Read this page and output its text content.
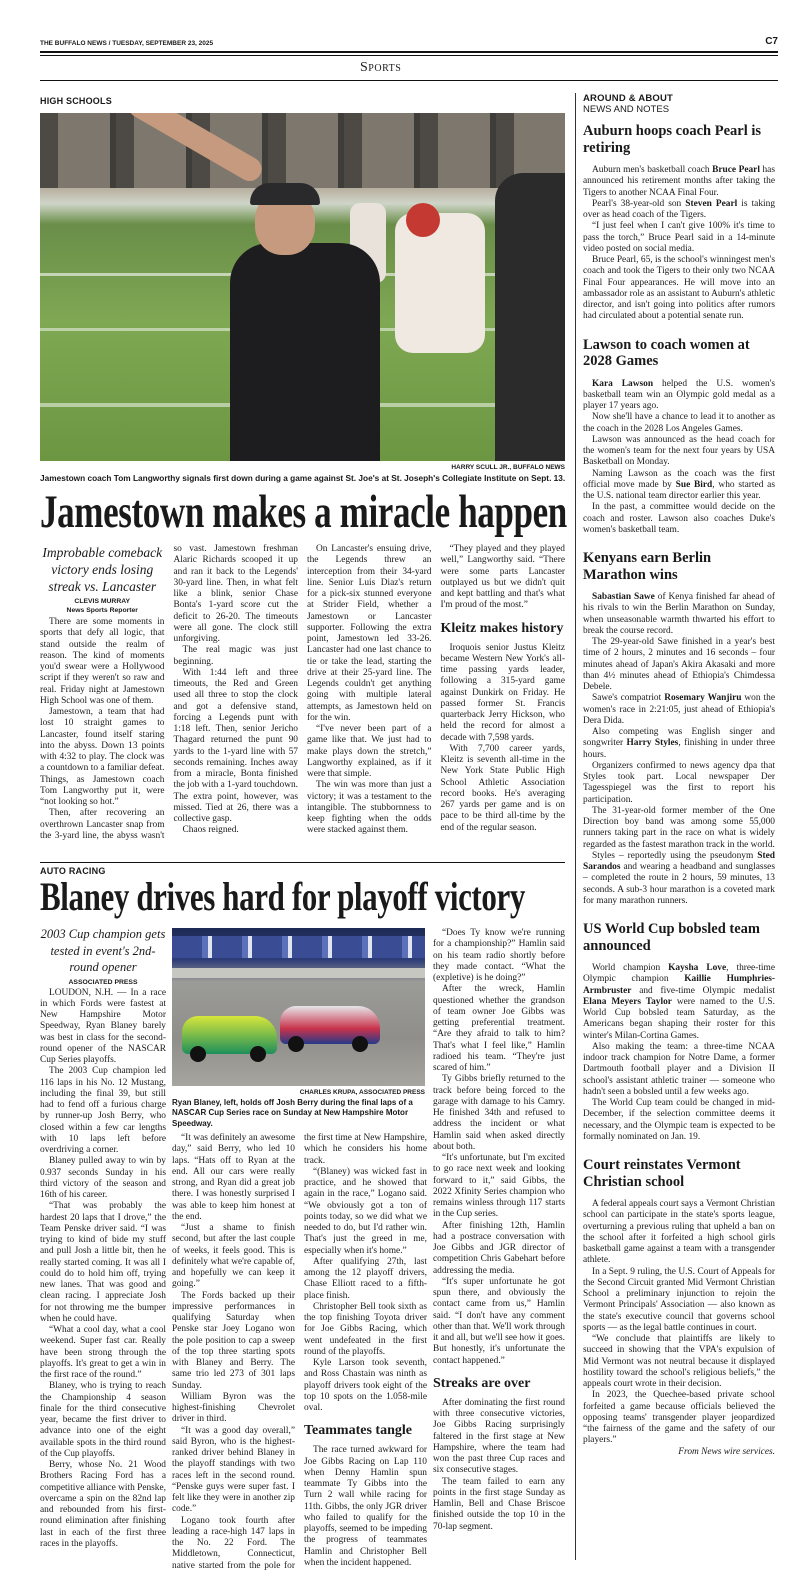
THE BUFFALO NEWS / TUESDAY, SEPTEMBER 23, 2025	C7
Sports
HIGH SCHOOLS
HARRY SCULL JR., BUFFALO NEWS
Jamestown coach Tom Langworthy signals first down during a game against St. Joe's at St. Joseph's Collegiate Institute on Sept. 13.
Jamestown makes a miracle happen
Improbable comeback victory ends losing streak vs. Lancaster
CLEVIS MURRAY
News Sports Reporter

There are some moments in sports that defy all logic, that stand outside the realm of reason. The kind of moments you'd swear were a Hollywood script if they weren't so raw and real. Friday night at Jamestown High School was one of them.

Jamestown, a team that had lost 10 straight games to Lancaster, found itself staring into the abyss. Down 13 points with 4:32 to play. The clock was a countdown to a familiar defeat. Things, as Jamestown coach Tom Langworthy put it, were “not looking so hot.”

Then, after recovering an overthrown Lancaster snap from the 3-yard line, the abyss wasn't so vast. Jamestown freshman Alaric Richards scooped it up and ran it back to the Legends' 30-yard line. Then, in what felt like a blink, senior Chase Bonta's 1-yard score cut the deficit to 26-20. The timeouts were all gone. The clock still unforgiving.

The real magic was just beginning.

With 1:44 left and three timeouts, the Red and Green used all three to stop the clock and got a defensive stand, forcing a Legends punt with 1:18 left. Then, senior Jericho Thagard returned the punt 90 yards to the 1-yard line with 57 seconds remaining. Inches away from a miracle, Bonta finished the job with a 1-yard touchdown. The extra point, however, was missed. Tied at 26, there was a collective gasp.

Chaos reigned.

On Lancaster's ensuing drive, the Legends threw an interception from their 34-yard line. Senior Luis Diaz's return for a pick-six stunned everyone at Strider Field, whether a Jamestown or Lancaster supporter. Following the extra point, Jamestown led 33-26. Lancaster had one last chance to tie or take the lead, starting the drive at their 25-yard line. The Legends couldn't get anything going with multiple lateral attempts, as Jamestown held on for the win.

“I've never been part of a game like that. We just had to make plays down the stretch,” Langworthy explained, as if it were that simple.

The win was more than just a victory; it was a testament to the intangible. The stubbornness to keep fighting when the odds were stacked against them.

“They played and they played well,” Langworthy said. “There were some parts Lancaster outplayed us but we didn't quit and kept battling and that's what I'm proud of the most.”

Kleitz makes history

Iroquois senior Justus Kleitz became Western New York's all-time passing yards leader, following a 315-yard game against Dunkirk on Friday. He passed former St. Francis quarterback Jerry Hickson, who held the record for almost a decade with 7,598 yards.

With 7,700 career yards, Kleitz is seventh all-time in the New York State Public High School Athletic Association record books. He's averaging 267 yards per game and is on pace to be third all-time by the end of the regular season.

AUTO RACING
Blaney drives hard for playoff victory
2003 Cup champion gets tested in event's 2nd-round opener
ASSOCIATED PRESS

LOUDON, N.H. — In a race in which Fords were fastest at New Hampshire Motor Speedway, Ryan Blaney barely was best in class for the second-round opener of the NASCAR Cup Series playoffs.

The 2003 Cup champion led 116 laps in his No. 12 Mustang, including the final 39, but still had to fend off a furious charge by runner-up Josh Berry, who closed within a few car lengths with 10 laps left before overdriving a corner.

Blaney pulled away to win by 0.937 seconds Sunday in his third victory of the season and 16th of his career.

“That was probably the hardest 20 laps that I drove,” the Team Penske driver said. “I was trying to kind of bide my stuff and pull Josh a little bit, then he really started coming. It was all I could do to hold him off, trying new lanes. That was good and clean racing. I appreciate Josh for not throwing me the bumper when he could have.

“What a cool day, what a cool weekend. Super fast car. Really have been strong through the playoffs. It's great to get a win in the first race of the round.”

Blaney, who is trying to reach the Championship 4 season finale for the third consecutive year, became the first driver to advance into one of the eight available spots in the third round of the Cup playoffs.

Berry, whose No. 21 Wood Brothers Racing Ford has a competitive alliance with Penske, overcame a spin on the 82nd lap and rebounded from his first-round elimination after finishing last in each of the first three races in the playoffs.

CHARLES KRUPA, ASSOCIATED PRESS
Ryan Blaney, left, holds off Josh Berry during the final laps of a NASCAR Cup Series race on Sunday at New Hampshire Motor Speedway.

“It was definitely an awesome day,” said Berry, who led 10 laps. “Hats off to Ryan at the end. All our cars were really strong, and Ryan did a great job there. I was honestly surprised I was able to keep him honest at the end.

“Just a shame to finish second, but after the last couple of weeks, it feels good. This is definitely what we're capable of, and hopefully we can keep it going.”

The Fords backed up their impressive performances in qualifying Saturday when Penske star Joey Logano won the pole position to cap a sweep of the top three starting spots with Blaney and Berry. The same trio led 273 of 301 laps Sunday.

William Byron was the highest-finishing Chevrolet driver in third.

“It was a good day overall,” said Byron, who is the highest-ranked driver behind Blaney in the playoff standings with two races left in the second round. “Penske guys were super fast. I felt like they were in another zip code.”

Logano took fourth after leading a race-high 147 laps in the No. 22 Ford. The Middletown, Connecticut, native started from the pole for the first time at New Hampshire, which he considers his home track.

“(Blaney) was wicked fast in practice, and he showed that again in the race,” Logano said. “We obviously got a ton of points today, so we did what we needed to do, but I'd rather win. That's just the greed in me, especially when it's home.”

After qualifying 27th, last among the 12 playoff drivers, Chase Elliott raced to a fifth-place finish.

Christopher Bell took sixth as the top finishing Toyota driver for Joe Gibbs Racing, which went undefeated in the first round of the playoffs.

Kyle Larson took seventh, and Ross Chastain was ninth as playoff drivers took eight of the top 10 spots on the 1.058-mile oval.

Teammates tangle

The race turned awkward for Joe Gibbs Racing on Lap 110 when Denny Hamlin spun teammate Ty Gibbs into the Turn 2 wall while racing for 11th. Gibbs, the only JGR driver who failed to qualify for the playoffs, seemed to be impeding the progress of teammates Hamlin and Christopher Bell when the incident happened.

“Does Ty know we're running for a championship?” Hamlin said on his team radio shortly before they made contact. “What the (expletive) is he doing?”

After the wreck, Hamlin questioned whether the grandson of team owner Joe Gibbs was getting preferential treatment. “Are they afraid to talk to him? That's what I feel like,” Hamlin radioed his team. “They're just scared of him.”

Ty Gibbs briefly returned to the track before being forced to the garage with damage to his Camry. He finished 34th and refused to address the incident or what Hamlin said when asked directly about both.

“It's unfortunate, but I'm excited to go race next week and looking forward to it,” said Gibbs, the 2022 Xfinity Series champion who remains winless through 117 starts in the Cup series.

After finishing 12th, Hamlin had a postrace conversation with Joe Gibbs and JGR director of competition Chris Gabehart before addressing the media.

“It's super unfortunate he got spun there, and obviously the contact came from us,” Hamlin said. “I don't have any comment other than that. We'll work through it and all, but we'll see how it goes. But honestly, it's unfortunate the contact happened.”

Streaks are over

After dominating the first round with three consecutive victories, Joe Gibbs Racing surprisingly faltered in the first stage at New Hampshire, where the team had won the past three Cup races and six consecutive stages.

The team failed to earn any points in the first stage Sunday as Hamlin, Bell and Chase Briscoe finished outside the top 10 in the 70-lap segment.

AROUND & ABOUT
NEWS AND NOTES
Auburn hoops coach Pearl is retiring

Auburn men's basketball coach Bruce Pearl has announced his retirement months after taking the Tigers to another NCAA Final Four.

Pearl's 38-year-old son Steven Pearl is taking over as head coach of the Tigers.

“I just feel when I can't give 100% it's time to pass the torch,” Bruce Pearl said in a 14-minute video posted on social media.

Bruce Pearl, 65, is the school's winningest men's coach and took the Tigers to their only two NCAA Final Four appearances. He will move into an ambassador role as an assistant to Auburn's athletic director, and isn't going into politics after rumors had circulated about a potential senate run.

Lawson to coach women at 2028 Games

Kara Lawson helped the U.S. women's basketball team win an Olympic gold medal as a player 17 years ago.

Now she'll have a chance to lead it to another as the coach in the 2028 Los Angeles Games.

Lawson was announced as the head coach for the women's team for the next four years by USA Basketball on Monday.

Naming Lawson as the coach was the first official move made by Sue Bird, who started as the U.S. national team director earlier this year.

In the past, a committee would decide on the coach and roster. Lawson also coaches Duke's women's basketball team.

Kenyans earn Berlin Marathon wins

Sabastian Sawe of Kenya finished far ahead of his rivals to win the Berlin Marathon on Sunday, when unseasonable warmth thwarted his effort to break the course record.

The 29-year-old Sawe finished in a year's best time of 2 hours, 2 minutes and 16 seconds – four minutes ahead of Japan's Akira Akasaki and more than 4½ minutes ahead of Ethiopia's Chimdessa Debele.

Sawe's compatriot Rosemary Wanjiru won the women's race in 2:21:05, just ahead of Ethiopia's Dera Dida.

Also competing was English singer and songwriter Harry Styles, finishing in under three hours.

Organizers confirmed to news agency dpa that Styles took part. Local newspaper Der Tagesspiegel was the first to report his participation.

The 31-year-old former member of the One Direction boy band was among some 55,000 runners taking part in the race on what is widely regarded as the fastest marathon track in the world.

Styles – reportedly using the pseudonym Sted Sarandos and wearing a headband and sunglasses – completed the route in 2 hours, 59 minutes, 13 seconds. A sub-3 hour marathon is a coveted mark for many marathon runners.

US World Cup bobsled team announced

World champion Kaysha Love, three-time Olympic champion Kaillie Humphries-Armbruster and five-time Olympic medalist Elana Meyers Taylor were named to the U.S. World Cup bobsled team Saturday, as the Americans began shaping their roster for this winter's Milan-Cortina Games.

Also making the team: a three-time NCAA indoor track champion for Notre Dame, a former Dartmouth football player and a Division II school's assistant athletic trainer — someone who hadn't seen a bobsled until a few weeks ago.

The World Cup team could be changed in mid-December, if the selection committee deems it necessary, and the Olympic team is expected to be formally nominated on Jan. 19.

Court reinstates Vermont Christian school

A federal appeals court says a Vermont Christian school can participate in the state's sports league, overturning a previous ruling that upheld a ban on the school after it forfeited a high school girls basketball game against a team with a transgender athlete.

In a Sept. 9 ruling, the U.S. Court of Appeals for the Second Circuit granted Mid Vermont Christian School a preliminary injunction to rejoin the Vermont Principals' Association — also known as the state's executive council that governs school sports — as the legal battle continues in court.

“We conclude that plaintiffs are likely to succeed in showing that the VPA's expulsion of Mid Vermont was not neutral because it displayed hostility toward the school's religious beliefs,” the appeals court wrote in their decision.

In 2023, the Quechee-based private school forfeited a game because officials believed the opposing teams' transgender player jeopardized “the fairness of the game and the safety of our players.”

From News wire services.
